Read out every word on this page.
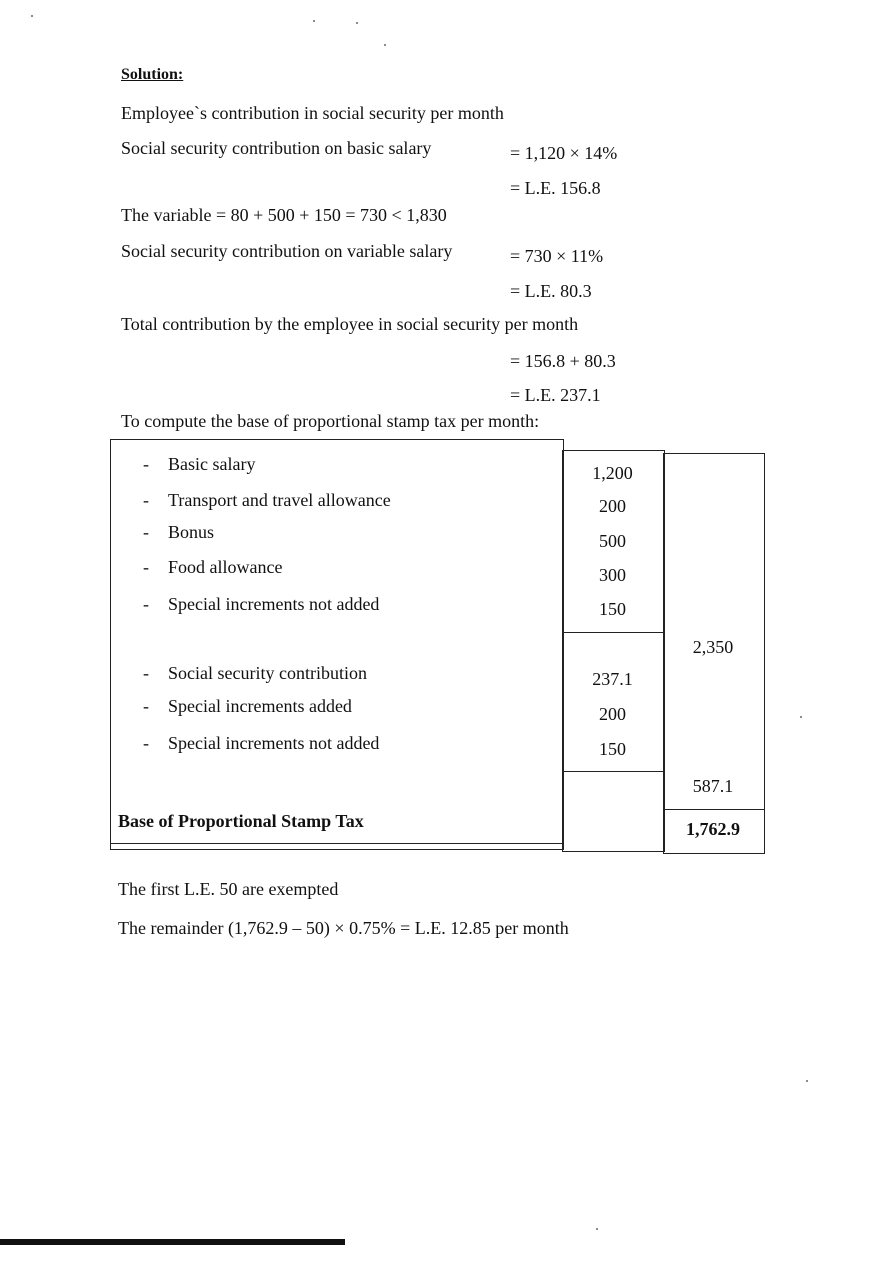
Solution:
Employee`s contribution in social security per month
Social security contribution on basic salary	= 1,120 × 14%
= L.E. 156.8
The variable = 80 + 500 + 150 = 730 < 1,830
Social security contribution on variable salary	= 730 × 11%
= L.E. 80.3
Total contribution by the employee in social security per month
= 156.8 + 80.3
= L.E. 237.1
To compute the base of proportional stamp tax per month:
- Basic salary	1,200
- Transport and travel allowance	200
- Bonus	500
- Food allowance	300
- Special increments not added	150
2,350
- Social security contribution	237.1
- Special increments added	200
- Special increments not added	150
587.1
Base of Proportional Stamp Tax	1,762.9
The first L.E. 50 are exempted
The remainder (1,762.9 – 50) × 0.75% = L.E. 12.85 per month
